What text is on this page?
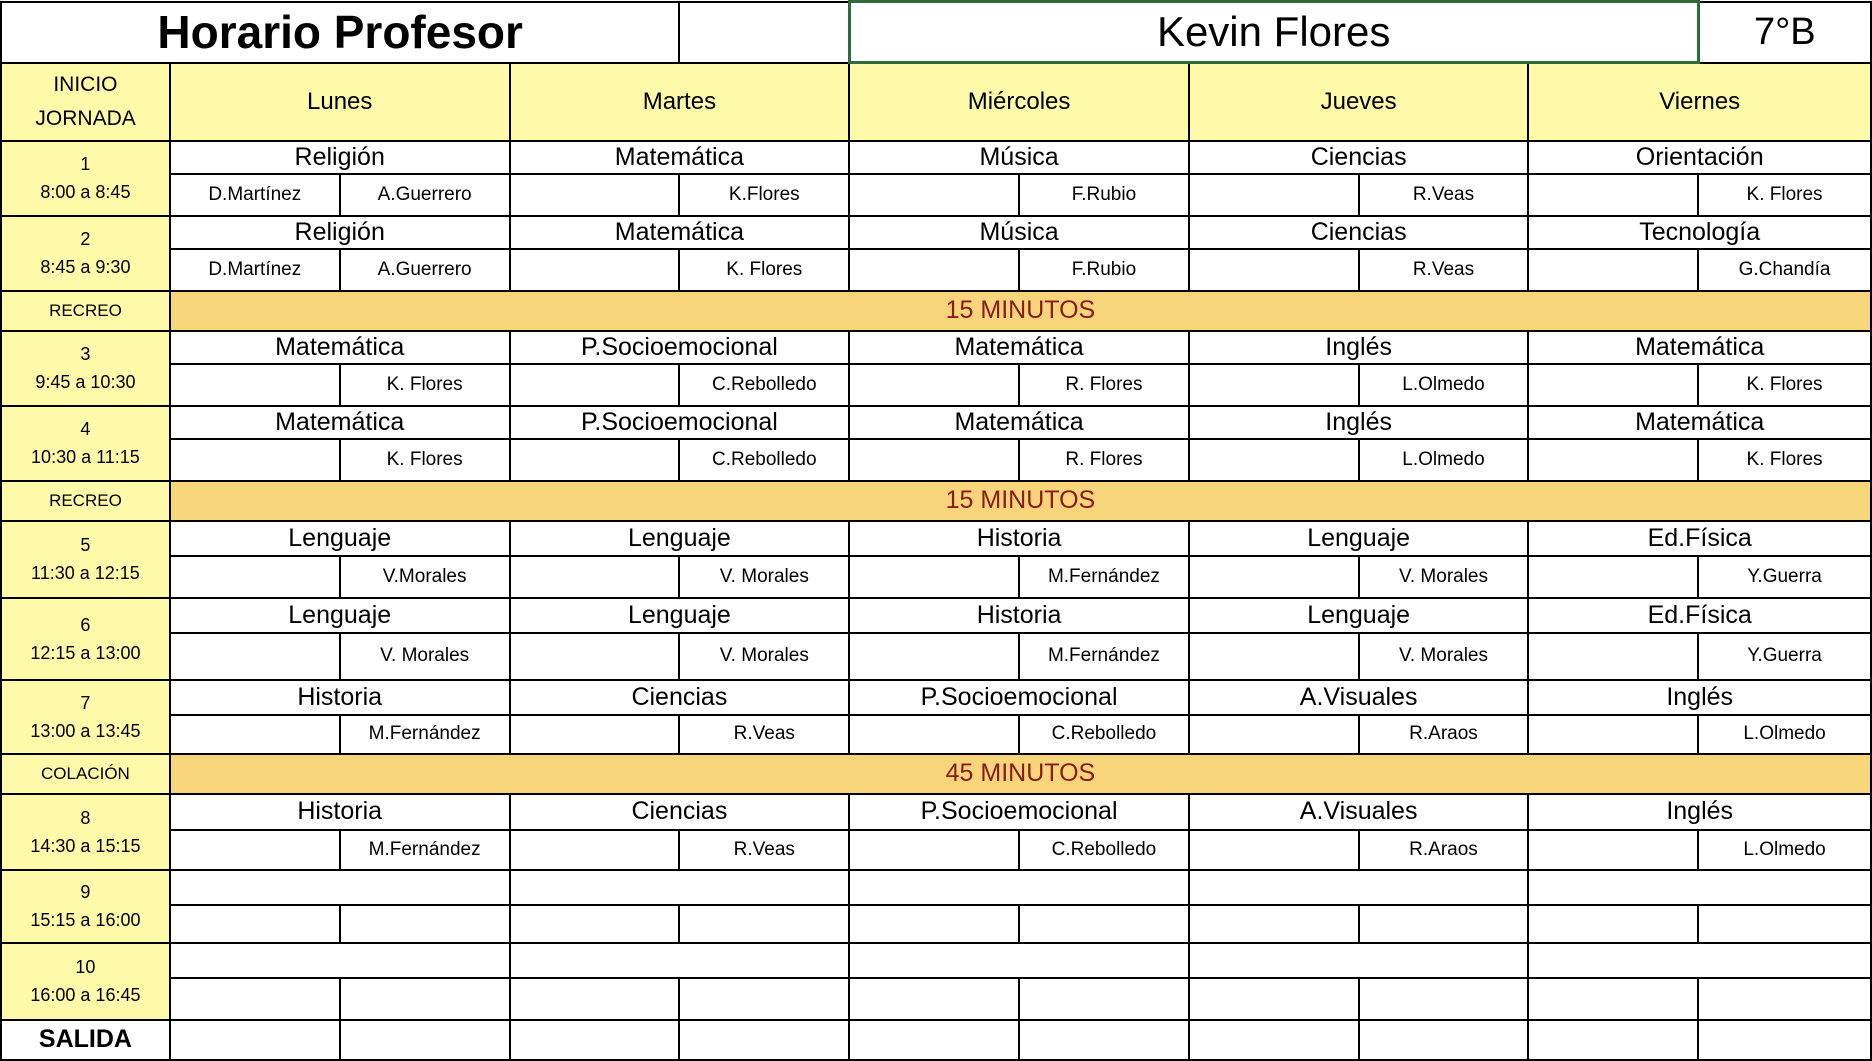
Horario Profesor					Kevin Flores					7°B
INICIO JORNADA	Lunes		Martes		Miércoles		Jueves		Viernes	

1
8:00 a 8:45	Religión		Matemática		Música		Ciencias		Orientación	
	D.Martínez	A.Guerrero		K.Flores		F.Rubio		R.Veas		K. Flores

2
8:45 a 9:30	Religión		Matemática		Música		Ciencias		Tecnología	
	D.Martínez	A.Guerrero		K. Flores		F.Rubio		R.Veas		G.Chandía
RECREO	15 MINUTOS									

3
9:45 a 10:30	Matemática		P.Socioemocional		Matemática		Inglés		Matemática	
		K. Flores		C.Rebolledo		R. Flores		L.Olmedo		K. Flores

4
10:30 a 11:15	Matemática		P.Socioemocional		Matemática		Inglés		Matemática	
		K. Flores		C.Rebolledo		R. Flores		L.Olmedo		K. Flores
RECREO	15 MINUTOS									

5
11:30 a 12:15	Lenguaje		Lenguaje		Historia		Lenguaje		Ed.Física	
		V.Morales		V. Morales		M.Fernández		V. Morales		Y.Guerra

6
12:15 a 13:00	Lenguaje		Lenguaje		Historia		Lenguaje		Ed.Física	
		V. Morales		V. Morales		M.Fernández		V. Morales		Y.Guerra

7
13:00 a 13:45	Historia		Ciencias		P.Socioemocional		A.Visuales		Inglés	
		M.Fernández		R.Veas		C.Rebolledo		R.Araos		L.Olmedo
COLACIÓN	45 MINUTOS									

8
14:30 a 15:15	Historia		Ciencias		P.Socioemocional		A.Visuales		Inglés	
		M.Fernández		R.Veas		C.Rebolledo		R.Araos		L.Olmedo

9
15:15 a 16:00										

10
16:00 a 16:45										

SALIDA										
